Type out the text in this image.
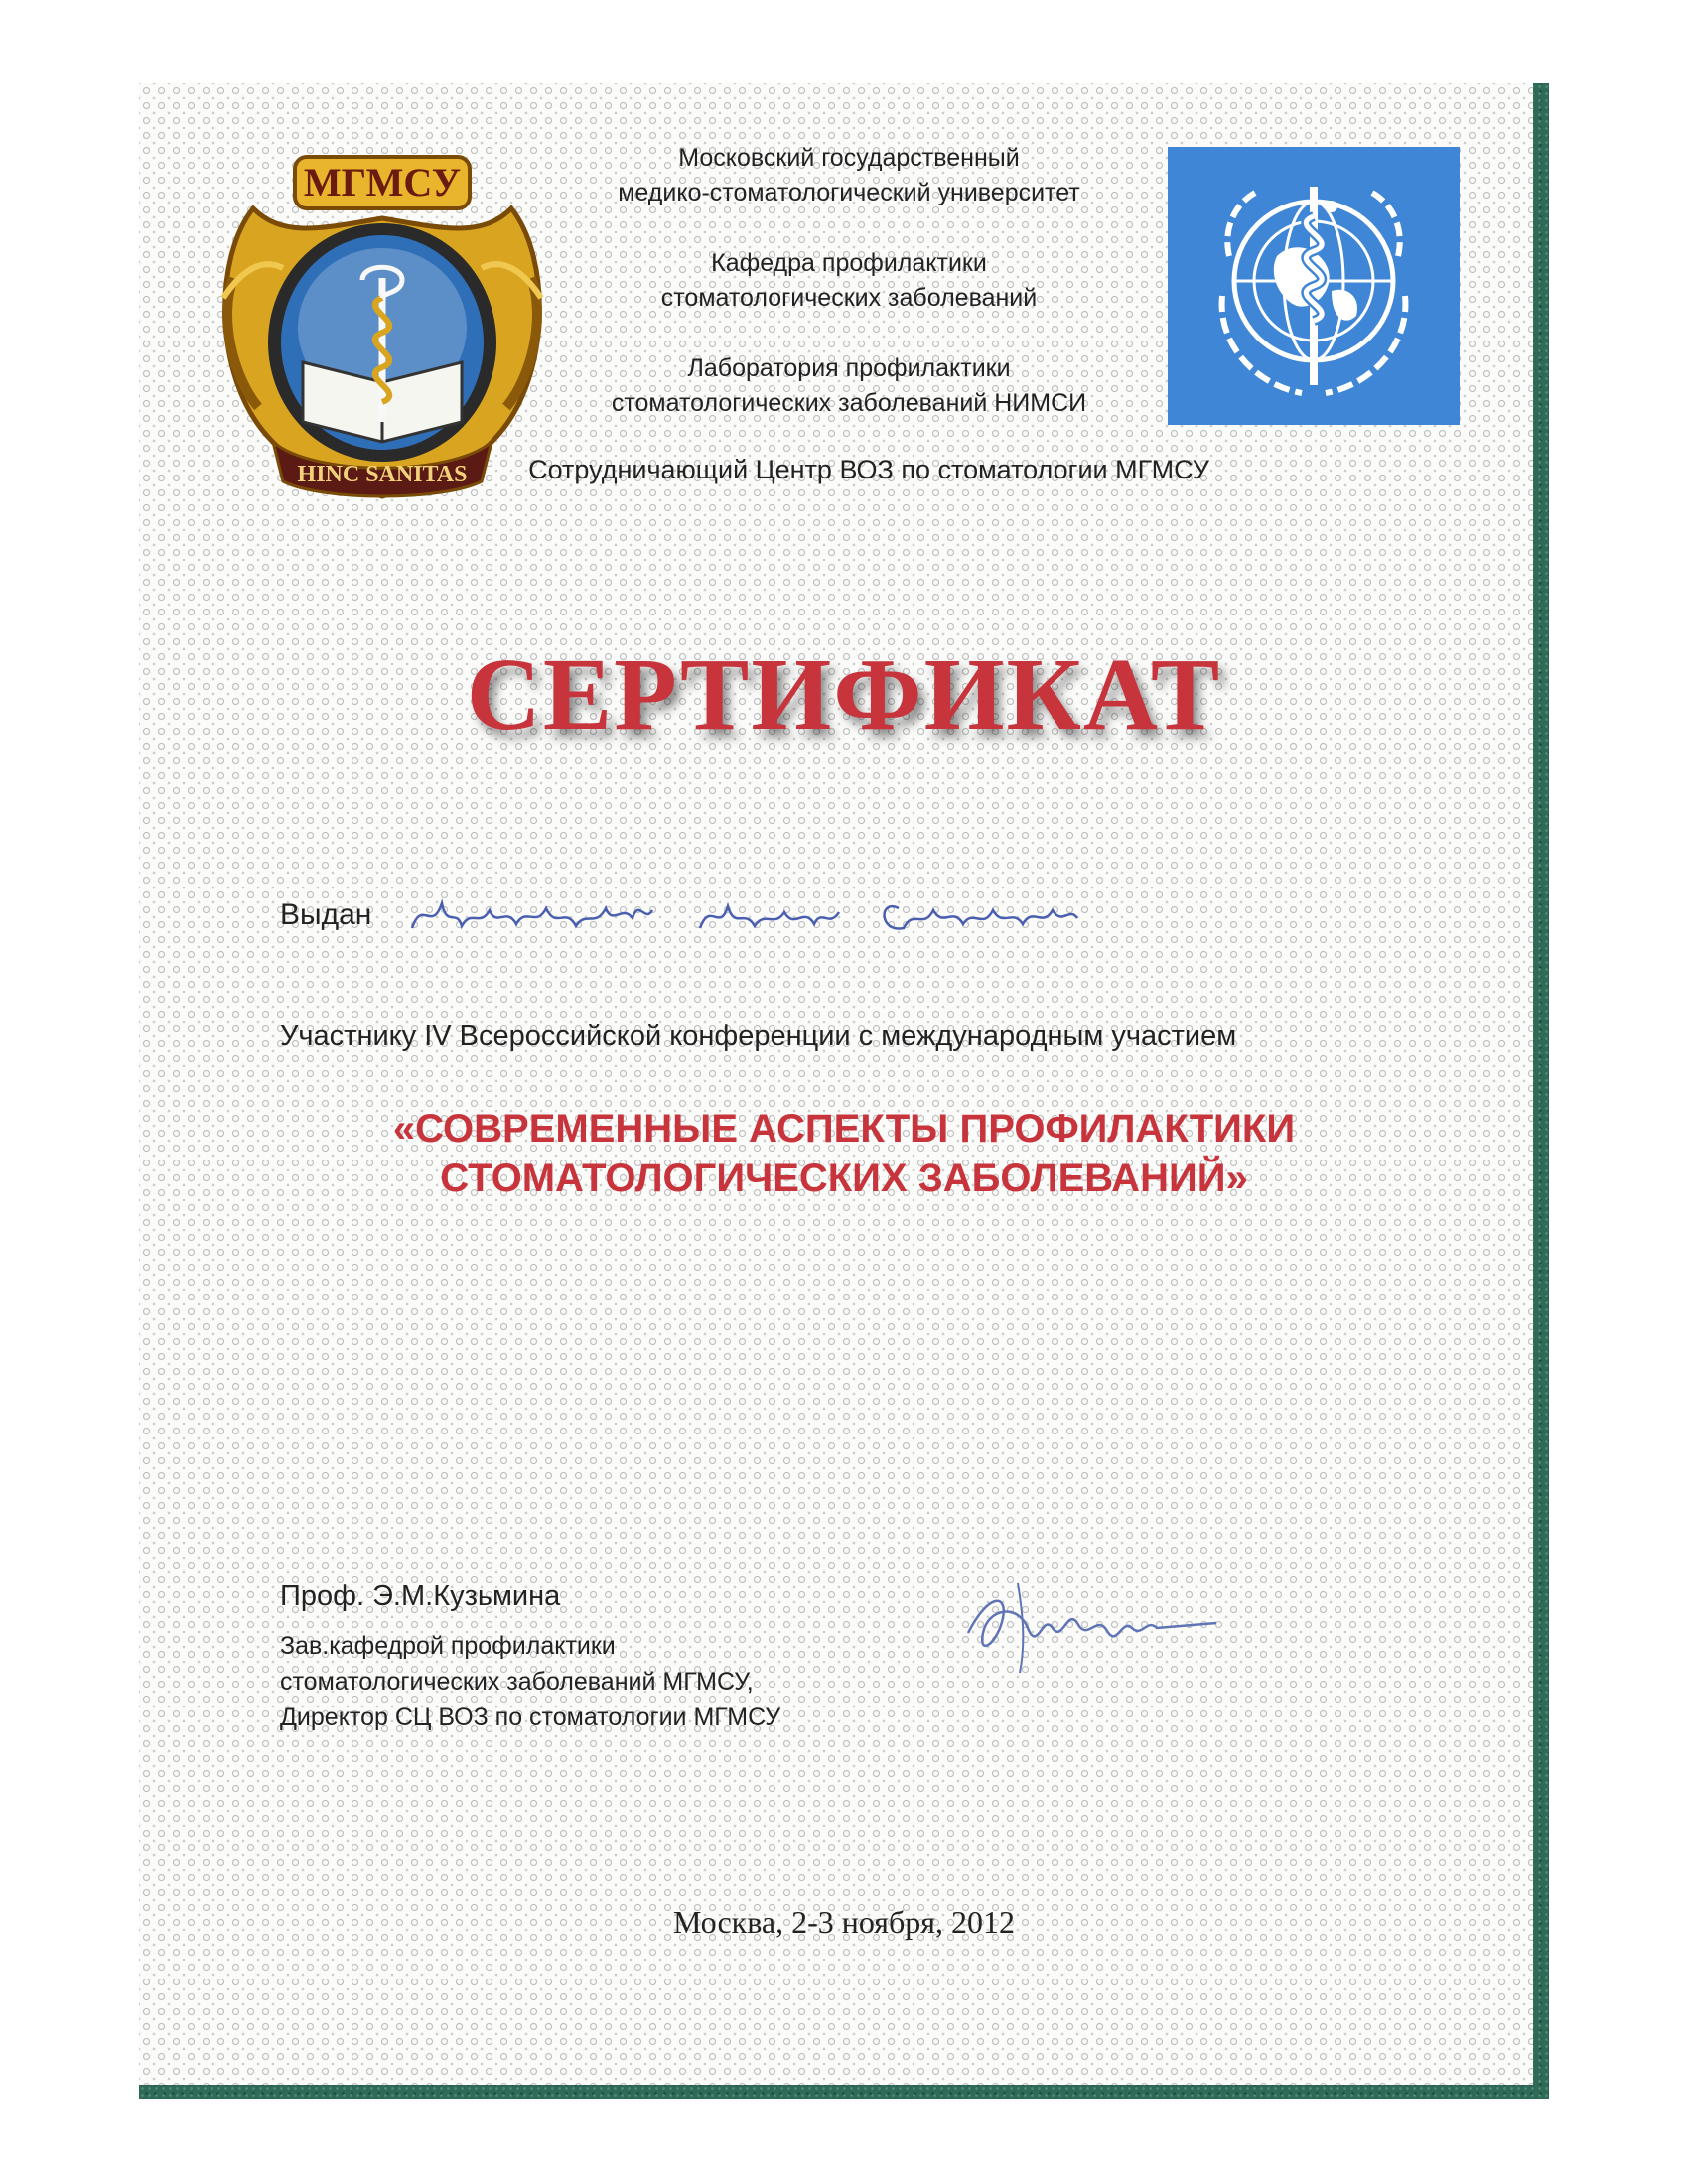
МГМСУ
HINC SANITAS
Московский государственный
медико-стоматологический университет
Кафедра профилактики
стоматологических заболеваний
Лаборатория профилактики
стоматологических заболеваний НИМСИ
Сотрудничающий Центр ВОЗ по стоматологии МГМСУ
СЕРТИФИКАТ
Выдан
Участнику IV Всероссийской конференции с международным участием
«СОВРЕМЕННЫЕ АСПЕКТЫ ПРОФИЛАКТИКИ
СТОМАТОЛОГИЧЕСКИХ ЗАБОЛЕВАНИЙ»
Проф. Э.М.Кузьмина
Зав.кафедрой профилактики
стоматологических заболеваний МГМСУ,
Директор СЦ ВОЗ по стоматологии МГМСУ
Москва, 2-3 ноября, 2012
